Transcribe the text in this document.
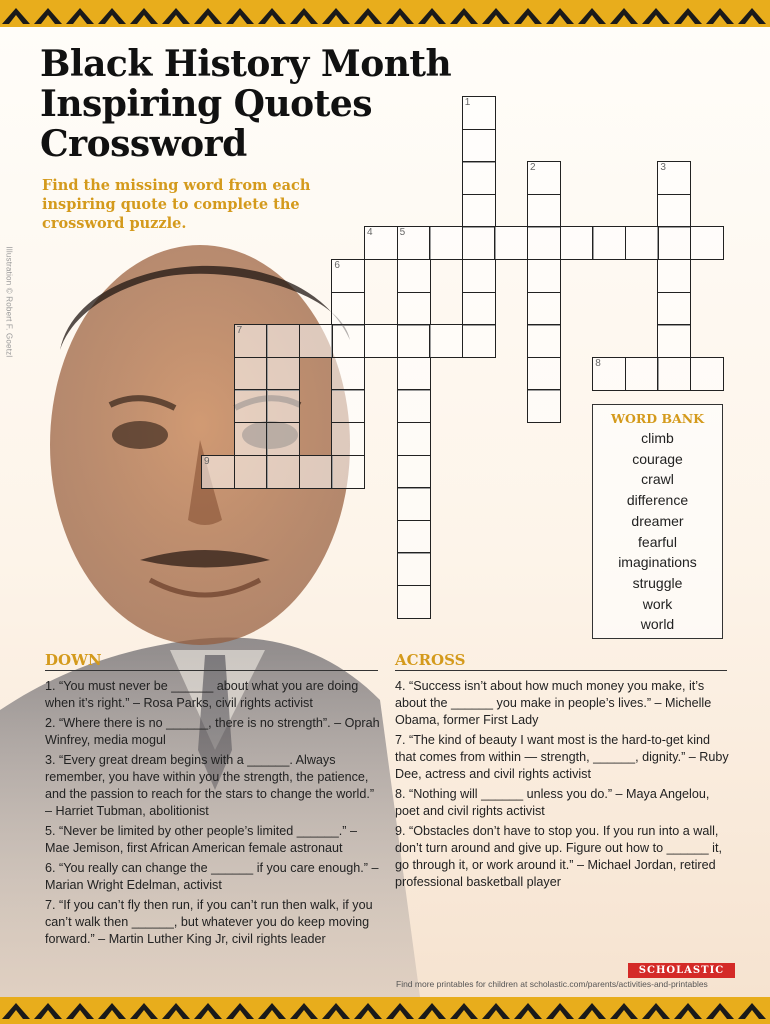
Illustration © Robert F. Goetzl
Black History Month Inspiring Quotes Crossword

Find the missing word from each inspiring quote to complete the crossword puzzle.

1
2	3
4	5
6
7
8
9
WORD BANK
climb
courage
crawl
difference
dreamer
fearful
imaginations
struggle
work
world
DOWN
1. “You must never be ______ about what you are doing when it’s right.” – Rosa Parks, civil rights activist
2. “Where there is no ______, there is no strength”. – Oprah Winfrey, media mogul
3. “Every great dream begins with a ______. Always remember, you have within you the strength, the patience, and the passion to reach for the stars to change the world.” – Harriet Tubman, abolitionist
5. “Never be limited by other people’s limited ______.” – Mae Jemison, first African American female astronaut
6. “You really can change the ______ if you care enough.” – Marian Wright Edelman, activist
7. “If you can’t fly then run, if you can’t run then walk, if you can’t walk then ______, but whatever you do keep moving forward.” – Martin Luther King Jr, civil rights leader
ACROSS
4. “Success isn’t about how much money you make, it’s about the ______ you make in people’s lives.” – Michelle Obama, former First Lady
7. “The kind of beauty I want most is the hard-to-get kind that comes from within — strength, ______, dignity.” – Ruby Dee, actress and civil rights activist
8. “Nothing will ______ unless you do.” – Maya Angelou, poet and civil rights activist
9. “Obstacles don’t have to stop you. If you run into a wall, don’t turn around and give up. Figure out how to ______ it, go through it, or work around it.” – Michael Jordan, retired professional basketball player
SCHOLASTIC
Find more printables for children at scholastic.com/parents/activities-and-printables
